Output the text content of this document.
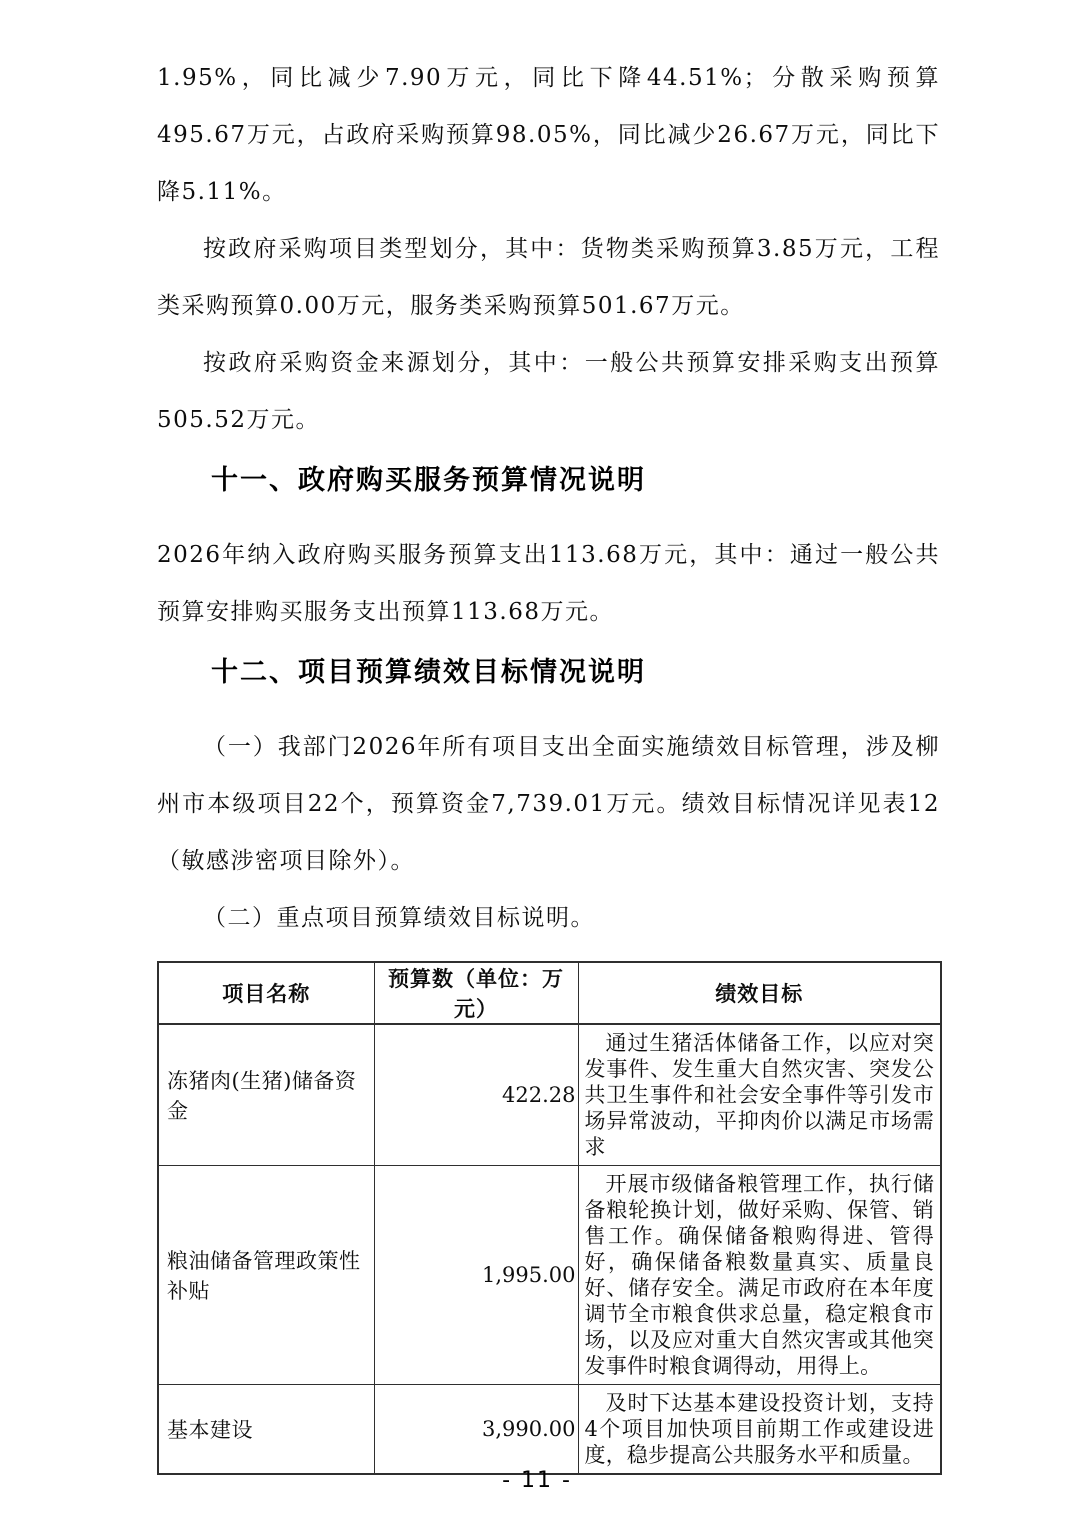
1.95%，同比减少7.90万元，同比下降44.51%；分散采购预算495.67万元，占政府采购预算98.05%，同比减少26.67万元，同比下降5.11%。

按政府采购项目类型划分，其中：货物类采购预算3.85万元，工程类采购预算0.00万元，服务类采购预算501.67万元。

按政府采购资金来源划分，其中：一般公共预算安排采购支出预算505.52万元。

十一、政府购买服务预算情况说明

2026年纳入政府购买服务预算支出113.68万元，其中：通过一般公共预算安排购买服务支出预算113.68万元。

十二、项目预算绩效目标情况说明

（一）我部门2026年所有项目支出全面实施绩效目标管理，涉及柳州市本级项目22个，预算资金7,739.01万元。绩效目标情况详见表12（敏感涉密项目除外）。

（二）重点项目预算绩效目标说明。

项目名称	预算数（单位：万元）	绩效目标
冻猪肉(生猪)储备资金	422.28	通过生猪活体储备工作，以应对突发事件、发生重大自然灾害、突发公共卫生事件和社会安全事件等引发市场异常波动，平抑肉价以满足市场需求

粮油储备管理政策性补贴	1,995.00	开展市级储备粮管理工作，执行储备粮轮换计划，做好采购、保管、销售工作。确保储备粮购得进、管得好，确保储备粮数量真实、质量良好、储存安全。满足市政府在本年度调节全市粮食供求总量，稳定粮食市场，以及应对重大自然灾害或其他突发事件时粮食调得动，用得上。

基本建设	3,990.00	及时下达基本建设投资计划，支持4个项目加快项目前期工作或建设进度，稳步提高公共服务水平和质量。

- 11 -
